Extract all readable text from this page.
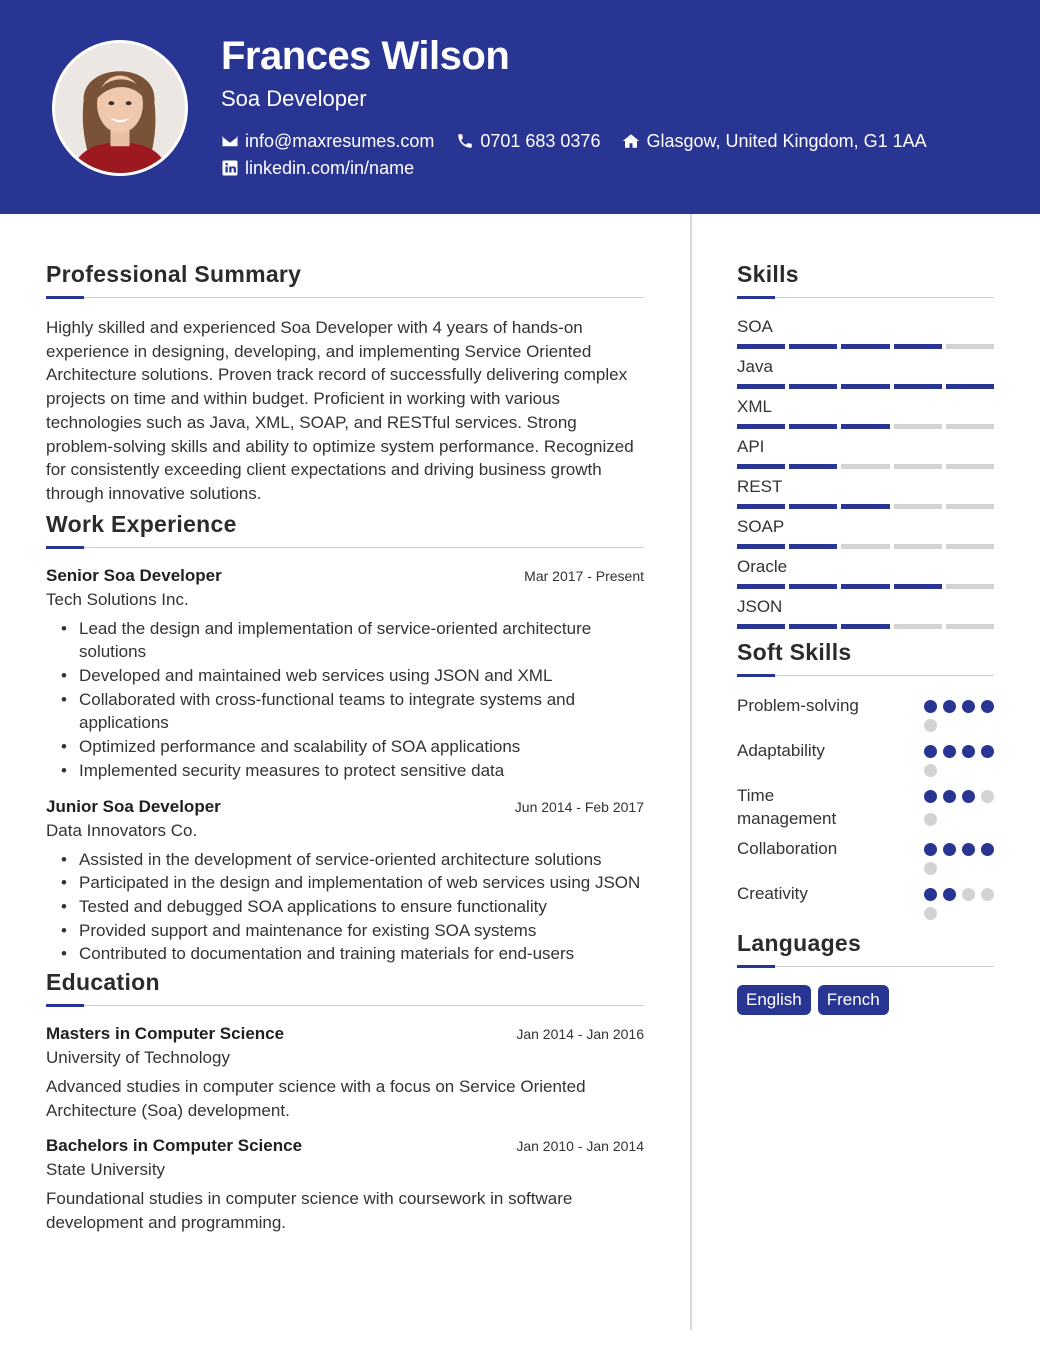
Frances Wilson
Soa Developer
info@maxresumes.com	0701 683 0376	Glasgow, United Kingdom, G1 1AA
linkedin.com/in/name
Professional Summary
Highly skilled and experienced Soa Developer with 4 years of hands-on experience in designing, developing, and implementing Service Oriented Architecture solutions. Proven track record of successfully delivering complex projects on time and within budget. Proficient in working with various technologies such as Java, XML, SOAP, and RESTful services. Strong problem-solving skills and ability to optimize system performance. Recognized for consistently exceeding client expectations and driving business growth through innovative solutions.
Work Experience
Senior Soa Developer	Mar 2017 - Present
Tech Solutions Inc.
• Lead the design and implementation of service-oriented architecture solutions
• Developed and maintained web services using JSON and XML
• Collaborated with cross-functional teams to integrate systems and applications
• Optimized performance and scalability of SOA applications
• Implemented security measures to protect sensitive data
Junior Soa Developer	Jun 2014 - Feb 2017
Data Innovators Co.
• Assisted in the development of service-oriented architecture solutions
• Participated in the design and implementation of web services using JSON
• Tested and debugged SOA applications to ensure functionality
• Provided support and maintenance for existing SOA systems
• Contributed to documentation and training materials for end-users
Education
Masters in Computer Science	Jan 2014 - Jan 2016
University of Technology
Advanced studies in computer science with a focus on Service Oriented Architecture (Soa) development.
Bachelors in Computer Science	Jan 2010 - Jan 2014
State University
Foundational studies in computer science with coursework in software development and programming.
Skills
SOA
Java
XML
API
REST
SOAP
Oracle
JSON
Soft Skills
Problem-solving
Adaptability
Time management
Collaboration
Creativity
Languages
English	French
